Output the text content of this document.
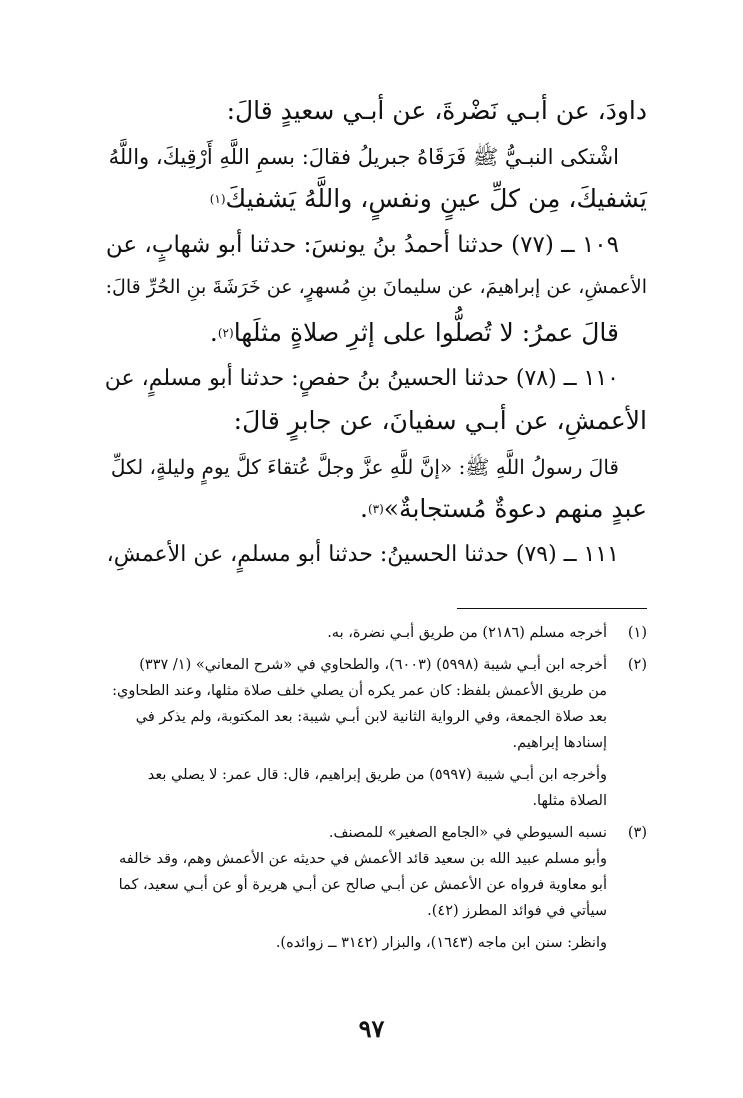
داودَ، عن أبـي نَضْرةَ، عن أبـي سعيدٍ قالَ:
اشْتكى النبـيُّ ﷺ فَرَقَاهُ جبريلُ فقالَ: بسمِ اللَّهِ أَرْقِيكَ، واللَّهُ
يَشفيكَ، مِن كلِّ عينٍ ونفسٍ، واللَّهُ يَشفيكَ
(١)
١٠٩ ــ (٧٧) حدثنا أحمدُ بنُ يونسَ: حدثنا أبو شهابٍ، عن
الأعمشِ، عن إبراهيمَ، عن سليمانَ بنِ مُسهرٍ، عن خَرَشَةَ بنِ الحُرِّ قالَ:
قالَ عمرُ: لا تُصلُّوا على إثرِ صلاةٍ مثلَها
(٢)
.
١١٠ ــ (٧٨) حدثنا الحسينُ بنُ حفصٍ: حدثنا أبو مسلمٍ، عن
الأعمشِ، عن أبـي سفيانَ، عن جابرٍ قالَ:
قالَ رسولُ اللَّهِ ﷺ: «إنَّ للَّهِ عزَّ وجلَّ عُتقاءَ كلَّ يومٍ وليلةٍ، لكلِّ
عبدٍ منهم دعوةٌ مُستجابةٌ»
(٣)
.
١١١ ــ (٧٩) حدثنا الحسينُ: حدثنا أبو مسلمٍ، عن الأعمشِ،
(١)
أخرجه مسلم (٢١٨٦) من طريق أبـي نضرة، به.
(٢)
أخرجه ابن أبـي شيبة (٥٩٩٨) (٦٠٠٣)، والطحاوي في «شرح المعاني» (١/ ٣٣٧)
من طريق الأعمش بلفظ: كان عمر يكره أن يصلي خلف صلاة مثلها، وعند الطحاوي:
بعد صلاة الجمعة، وفي الرواية الثانية لابن أبـي شيبة: بعد المكتوبة، ولم يذكر في
إسنادها إبراهيم.
وأخرجه ابن أبـي شيبة (٥٩٩٧) من طريق إبراهيم، قال: قال عمر: لا يصلي بعد
الصلاة مثلها.
(٣)
نسبه السيوطي في «الجامع الصغير» للمصنف.
وأبو مسلم عبيد الله بن سعيد قائد الأعمش في حديثه عن الأعمش وهم، وقد خالفه
أبو معاوية فرواه عن الأعمش عن أبـي صالح عن أبـي هريرة أو عن أبـي سعيد، كما
سيأتي في فوائد المطرز (٤٢).
وانظر: سنن ابن ماجه (١٦٤٣)، والبزار (٣١٤٢ ــ زوائده).
٩٧
